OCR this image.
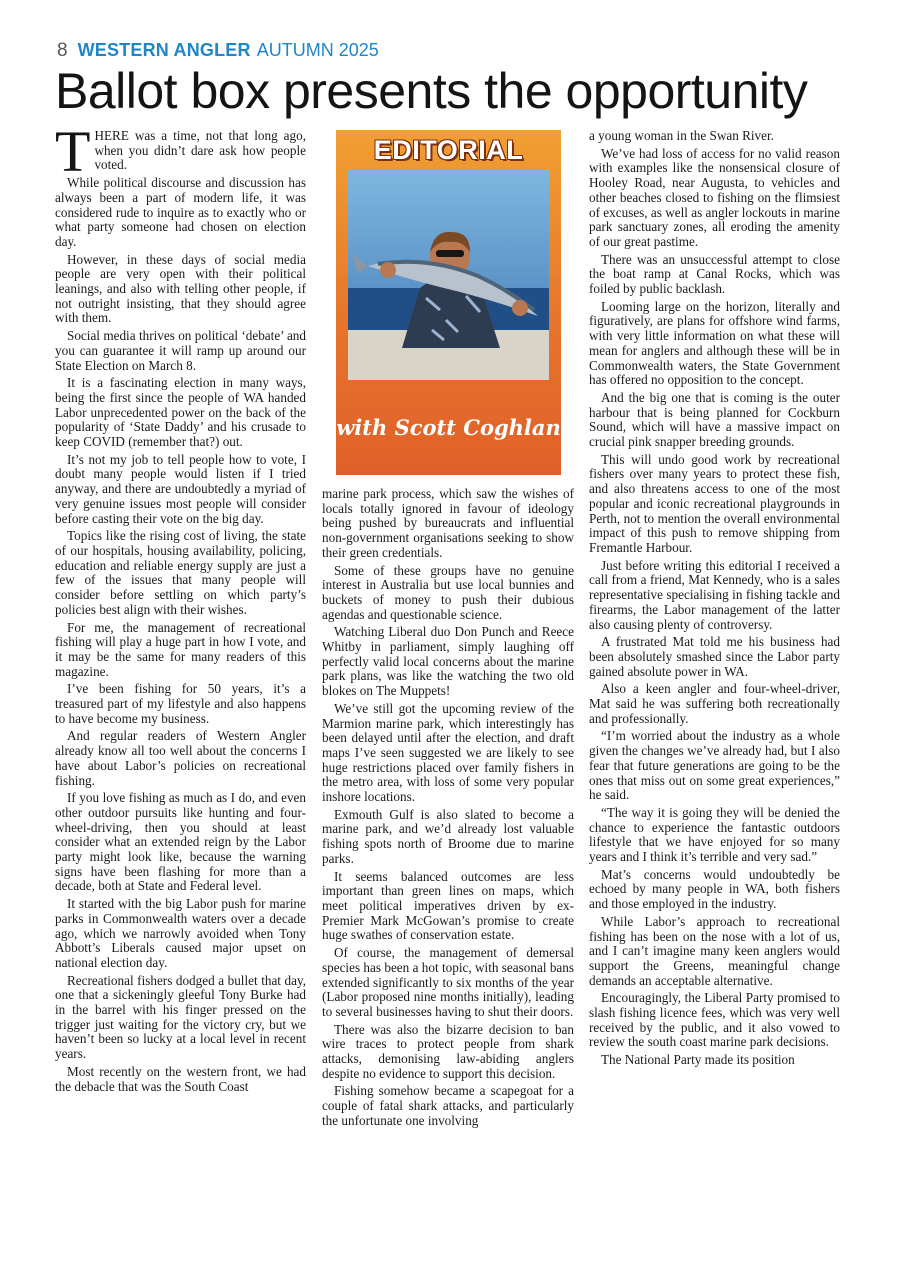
8 WESTERN ANGLER AUTUMN 2025
Ballot box presents the opportunity
EDITORIAL
with Scott Coghlan

THERE was a time, not that long ago, when you didn’t dare ask how people voted.

While political discourse and discussion has always been a part of modern life, it was considered rude to inquire as to exactly who or what party someone had chosen on election day.

However, in these days of social media people are very open with their political leanings, and also with telling other people, if not outright insisting, that they should agree with them.

Social media thrives on political ‘debate’ and you can guarantee it will ramp up around our State Election on March 8.

It is a fascinating election in many ways, being the first since the people of WA handed Labor unprecedented power on the back of the popularity of ‘State Daddy’ and his crusade to keep COVID (remember that?) out.

It’s not my job to tell people how to vote, I doubt many people would listen if I tried anyway, and there are undoubtedly a myriad of very genuine issues most people will consider before casting their vote on the big day.

Topics like the rising cost of living, the state of our hospitals, housing availability, policing, education and reliable energy supply are just a few of the issues that many people will consider before settling on which party’s policies best align with their wishes.

For me, the management of recreational fishing will play a huge part in how I vote, and it may be the same for many readers of this magazine.

I’ve been fishing for 50 years, it’s a treasured part of my lifestyle and also happens to have become my business.

And regular readers of Western Angler already know all too well about the concerns I have about Labor’s policies on recreational fishing.

If you love fishing as much as I do, and even other outdoor pursuits like hunting and four-wheel-driving, then you should at least consider what an extended reign by the Labor party might look like, because the warning signs have been flashing for more than a decade, both at State and Federal level.

It started with the big Labor push for marine parks in Commonwealth waters over a decade ago, which we narrowly avoided when Tony Abbott’s Liberals caused major upset on national election day.

Recreational fishers dodged a bullet that day, one that a sickeningly gleeful Tony Burke had in the barrel with his finger pressed on the trigger just waiting for the victory cry, but we haven’t been so lucky at a local level in recent years.

Most recently on the western front, we had the debacle that was the South Coast

marine park process, which saw the wishes of locals totally ignored in favour of ideology being pushed by bureaucrats and influential non-government organisations seeking to show their green credentials.

Some of these groups have no genuine interest in Australia but use local bunnies and buckets of money to push their dubious agendas and questionable science.

Watching Liberal duo Don Punch and Reece Whitby in parliament, simply laughing off perfectly valid local concerns about the marine park plans, was like the watching the two old blokes on The Muppets!

We’ve still got the upcoming review of the Marmion marine park, which interestingly has been delayed until after the election, and draft maps I’ve seen suggested we are likely to see huge restrictions placed over family fishers in the metro area, with loss of some very popular inshore locations.

Exmouth Gulf is also slated to become a marine park, and we’d already lost valuable fishing spots north of Broome due to marine parks.

It seems balanced outcomes are less important than green lines on maps, which meet political imperatives driven by ex-Premier Mark McGowan’s promise to create huge swathes of conservation estate.

Of course, the management of demersal species has been a hot topic, with seasonal bans extended significantly to six months of the year (Labor proposed nine months initially), leading to several businesses having to shut their doors.

There was also the bizarre decision to ban wire traces to protect people from shark attacks, demonising law-abiding anglers despite no evidence to support this decision.

Fishing somehow became a scapegoat for a couple of fatal shark attacks, and particularly the unfortunate one involving

a young woman in the Swan River.

We’ve had loss of access for no valid reason with examples like the nonsensical closure of Hooley Road, near Augusta, to vehicles and other beaches closed to fishing on the flimsiest of excuses, as well as angler lockouts in marine park sanctuary zones, all eroding the amenity of our great pastime.

There was an unsuccessful attempt to close the boat ramp at Canal Rocks, which was foiled by public backlash.

Looming large on the horizon, literally and figuratively, are plans for offshore wind farms, with very little information on what these will mean for anglers and although these will be in Commonwealth waters, the State Government has offered no opposition to the concept.

And the big one that is coming is the outer harbour that is being planned for Cockburn Sound, which will have a massive impact on crucial pink snapper breeding grounds.

This will undo good work by recreational fishers over many years to protect these fish, and also threatens access to one of the most popular and iconic recreational playgrounds in Perth, not to mention the overall environmental impact of this push to remove shipping from Fremantle Harbour.

Just before writing this editorial I received a call from a friend, Mat Kennedy, who is a sales representative specialising in fishing tackle and firearms, the Labor management of the latter also causing plenty of controversy.

A frustrated Mat told me his business had been absolutely smashed since the Labor party gained absolute power in WA.

Also a keen angler and four-wheel-driver, Mat said he was suffering both recreationally and professionally.

“I’m worried about the industry as a whole given the changes we’ve already had, but I also fear that future generations are going to be the ones that miss out on some great experiences,” he said.

“The way it is going they will be denied the chance to experience the fantastic outdoors lifestyle that we have enjoyed for so many years and I think it’s terrible and very sad.”

Mat’s concerns would undoubtedly be echoed by many people in WA, both fishers and those employed in the industry.

While Labor’s approach to recreational fishing has been on the nose with a lot of us, and I can’t imagine many keen anglers would support the Greens, meaningful change demands an acceptable alternative.

Encouragingly, the Liberal Party promised to slash fishing licence fees, which was very well received by the public, and it also vowed to review the south coast marine park decisions.

The National Party made its position
